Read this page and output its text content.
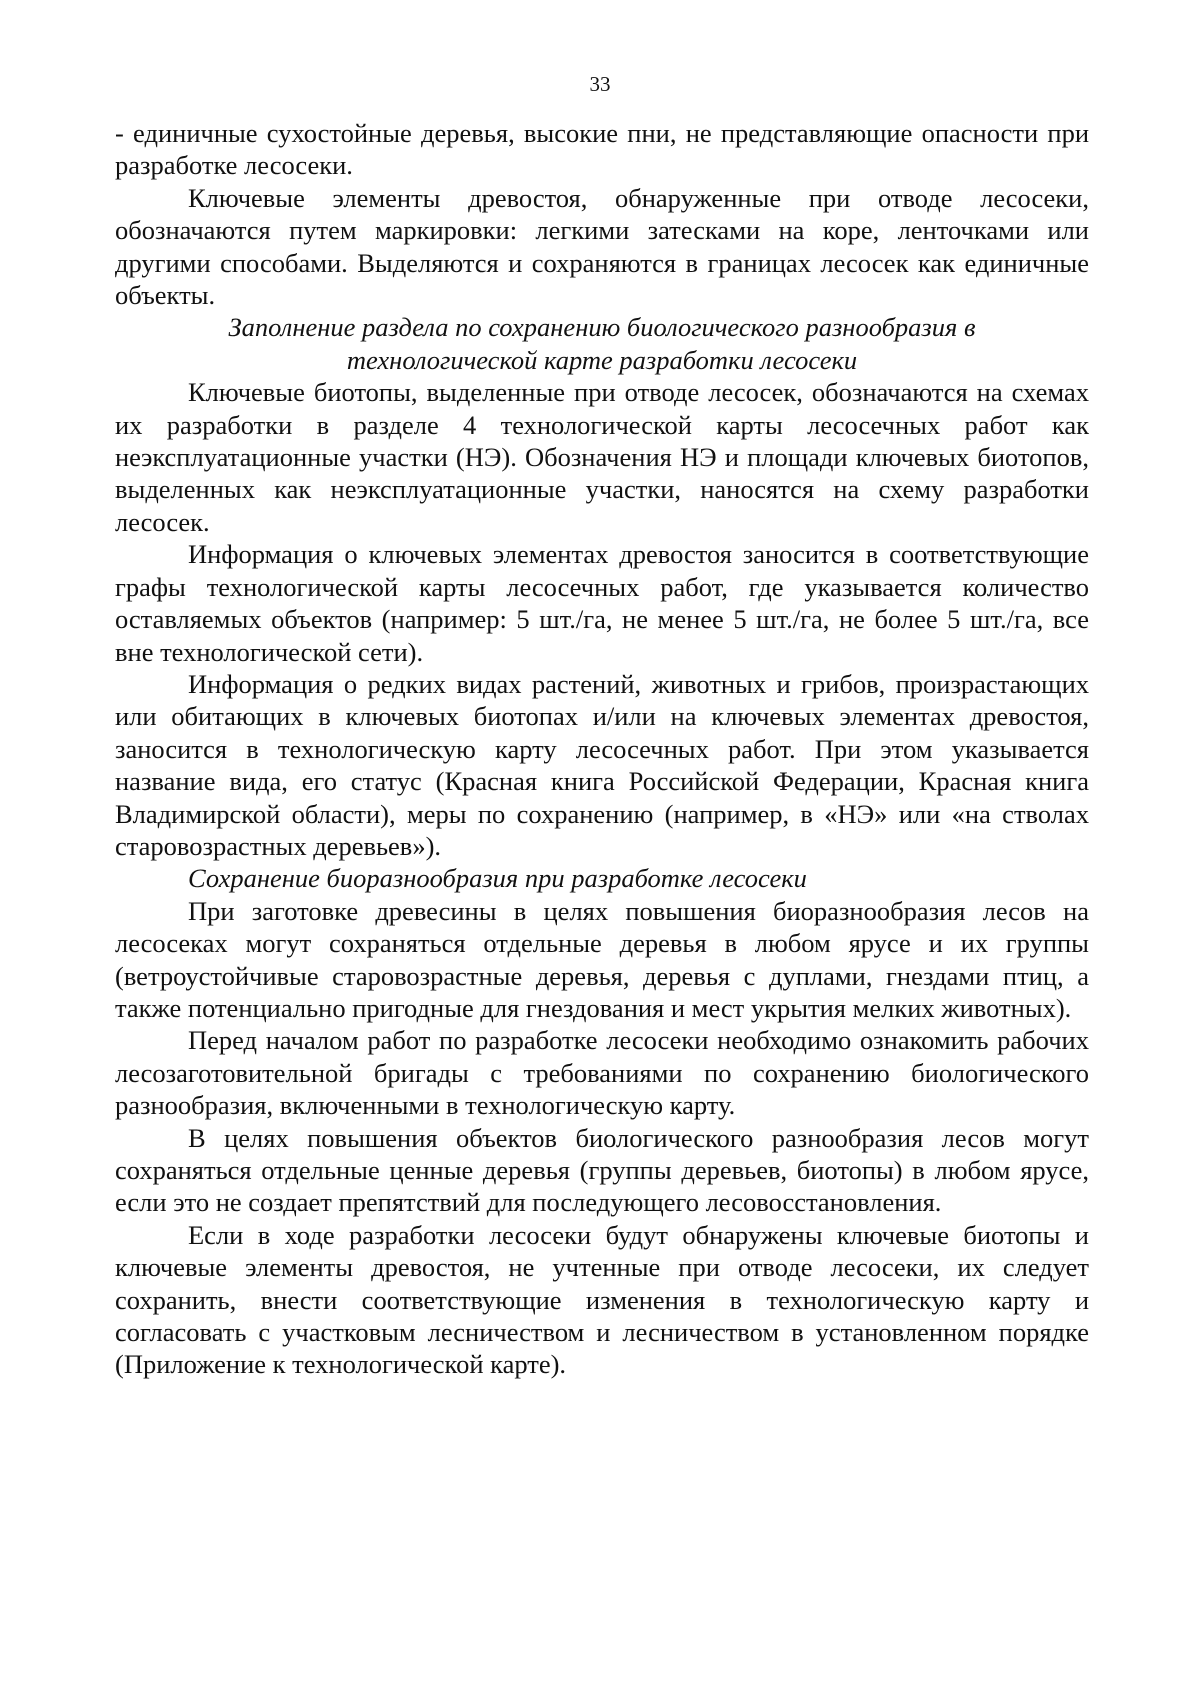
33

- единичные сухостойные деревья, высокие пни, не представляющие опасности при разработке лесосеки.

Ключевые элементы древостоя, обнаруженные при отводе лесосеки, обозначаются путем маркировки: легкими затесками на коре, ленточками или другими способами. Выделяются и сохраняются в границах лесосек как единичные объекты.

Заполнение раздела по сохранению биологического разнообразия в
технологической карте разработки лесосеки

Ключевые биотопы, выделенные при отводе лесосек, обозначаются на схемах их разработки в разделе 4 технологической карты лесосечных работ как неэксплуатационные участки (НЭ). Обозначения НЭ и площади ключевых биотопов, выделенных как неэксплуатационные участки, наносятся на схему разработки лесосек.

Информация о ключевых элементах древостоя заносится в соответствующие графы технологической карты лесосечных работ, где указывается количество оставляемых объектов (например: 5 шт./га, не менее 5 шт./га, не более 5 шт./га, все вне технологической сети).

Информация о редких видах растений, животных и грибов, произрастающих или обитающих в ключевых биотопах и/или на ключевых элементах древостоя, заносится в технологическую карту лесосечных работ. При этом указывается название вида, его статус (Красная книга Российской Федерации, Красная книга Владимирской области), меры по сохранению (например, в «НЭ» или «на стволах старовозрастных деревьев»).

Сохранение биоразнообразия при разработке лесосеки

При заготовке древесины в целях повышения биоразнообразия лесов на лесосеках могут сохраняться отдельные деревья в любом ярусе и их группы (ветроустойчивые старовозрастные деревья, деревья с дуплами, гнездами птиц, а также потенциально пригодные для гнездования и мест укрытия мелких животных).

Перед началом работ по разработке лесосеки необходимо ознакомить рабочих лесозаготовительной бригады с требованиями по сохранению биологического разнообразия, включенными в технологическую карту.

В целях повышения объектов биологического разнообразия лесов могут сохраняться отдельные ценные деревья (группы деревьев, биотопы) в любом ярусе, если это не создает препятствий для последующего лесовосстановления.

Если в ходе разработки лесосеки будут обнаружены ключевые биотопы и ключевые элементы древостоя, не учтенные при отводе лесосеки, их следует сохранить, внести соответствующие изменения в технологическую карту и согласовать с участковым лесничеством и лесничеством в установленном порядке (Приложение к технологической карте).
